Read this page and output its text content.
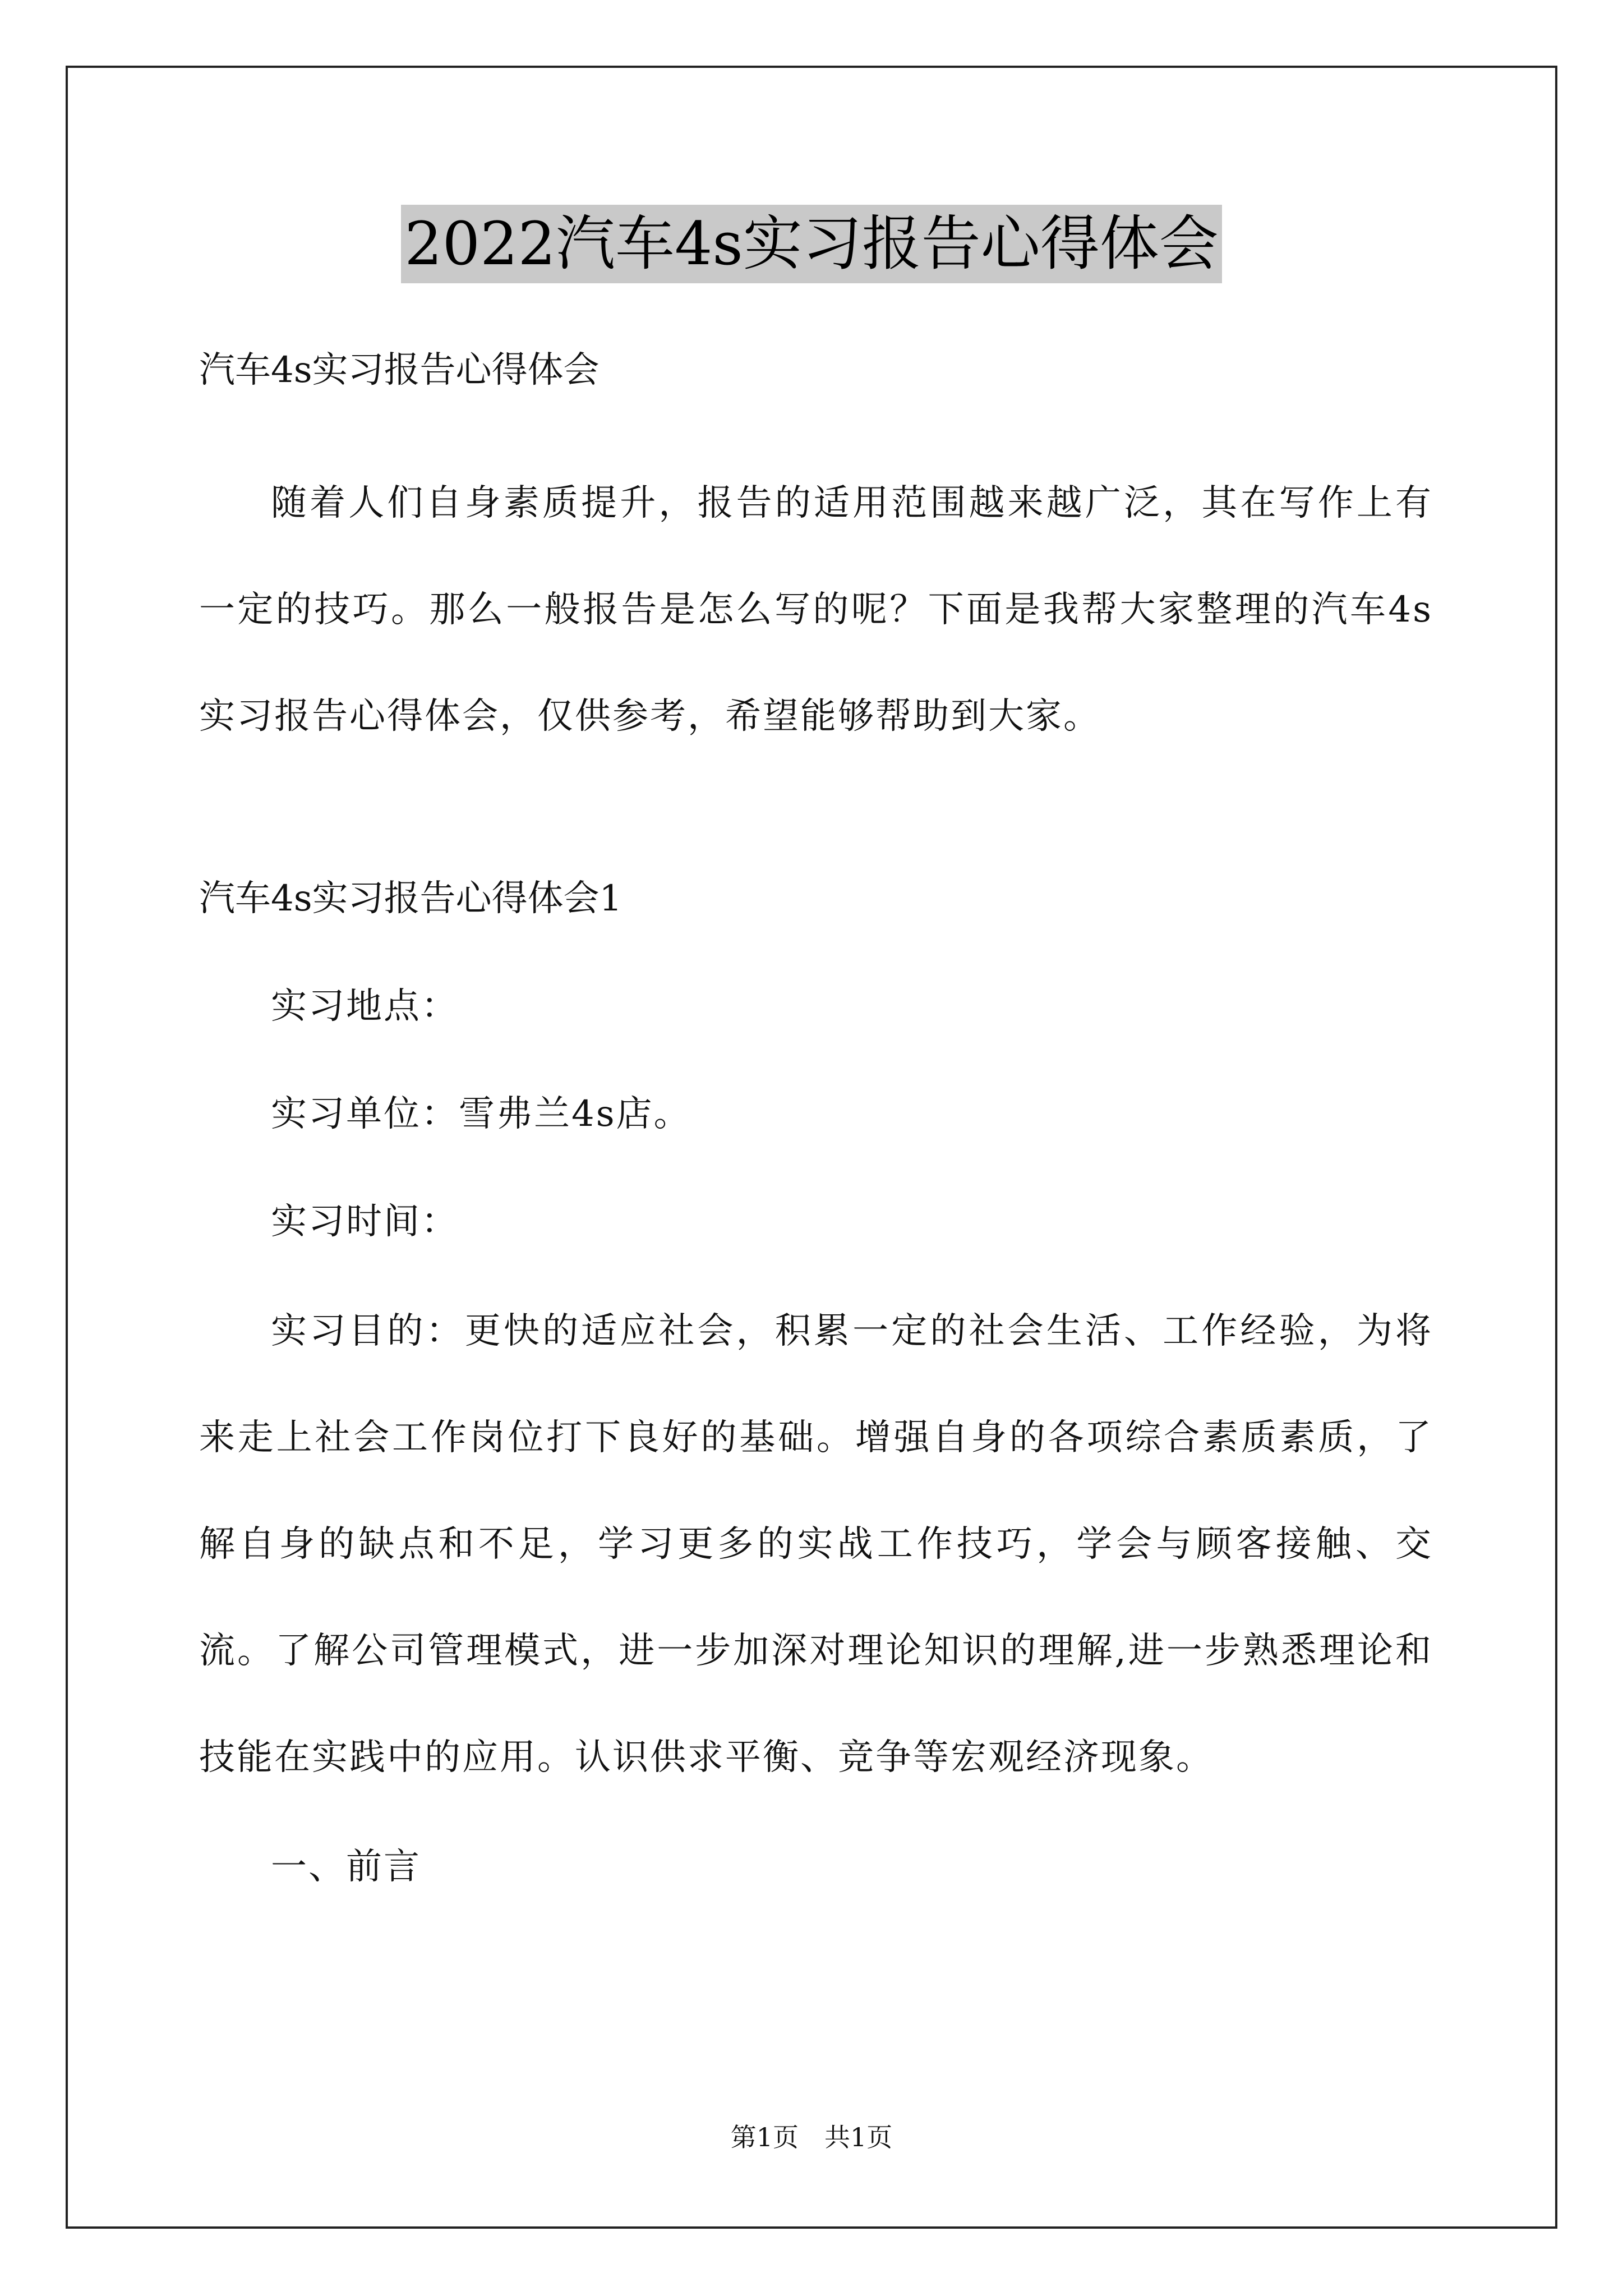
2022汽车4s实习报告心得体会

汽车4s实习报告心得体会

随着人们自身素质提升，报告的适用范围越来越广泛，其在写作上有一定的技巧。那么一般报告是怎么写的呢？下面是我帮大家整理的汽车4s实习报告心得体会，仅供参考，希望能够帮助到大家。

汽车4s实习报告心得体会1

实习地点：

实习单位：雪弗兰4s店。

实习时间：

实习目的：更快的适应社会，积累一定的社会生活、工作经验，为将来走上社会工作岗位打下良好的基础。增强自身的各项综合素质素质，了解自身的缺点和不足，学习更多的实战工作技巧，学会与顾客接触、交流。了解公司管理模式，进一步加深对理论知识的理解,进一步熟悉理论和技能在实践中的应用。认识供求平衡、竞争等宏观经济现象。

一、前言

第1页　共1页
